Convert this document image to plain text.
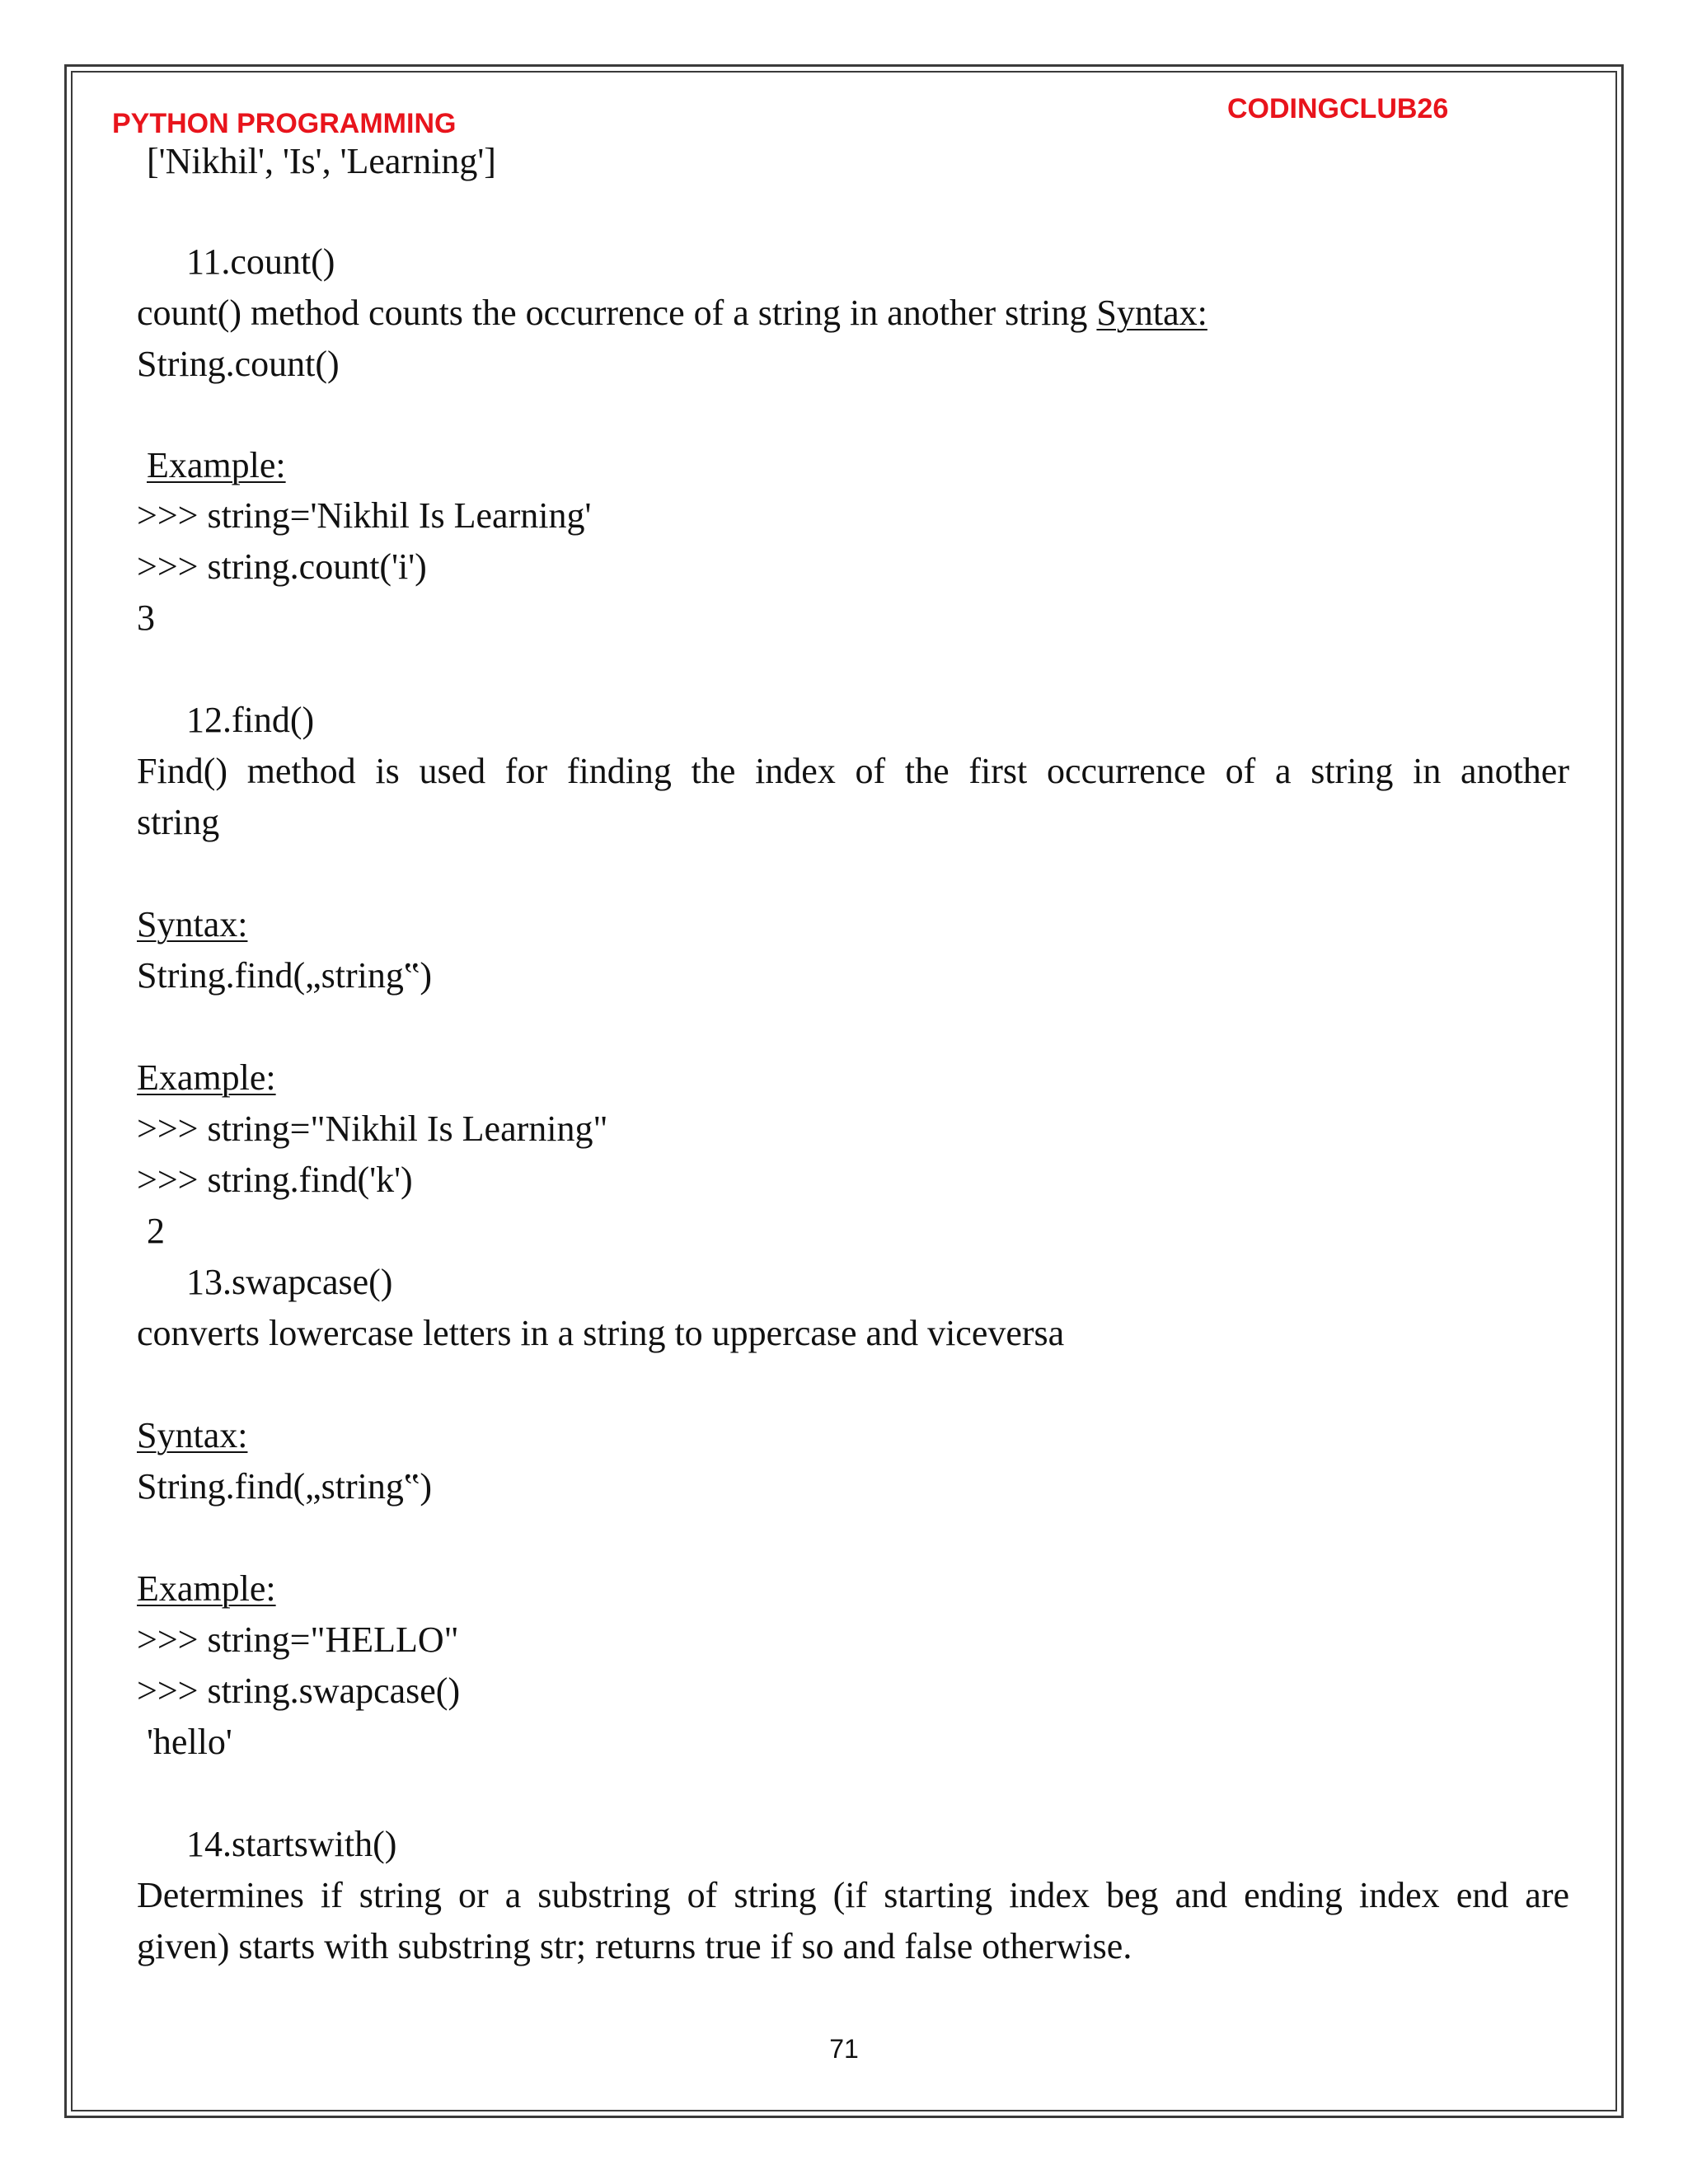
PYTHON PROGRAMMING	CODINGCLUB26
['Nikhil', 'Is', 'Learning']
11.count()
count() method counts the occurrence of a string in another string Syntax:
String.count()
Example:
>>> string='Nikhil Is Learning'
>>> string.count('i')
3
12.find()
Find() method is used for finding the index of the first occurrence of a string in another
string
Syntax:
String.find(„string‟)
Example:
>>> string="Nikhil Is Learning"
>>> string.find('k')
2
13.swapcase()
converts lowercase letters in a string to uppercase and viceversa
Syntax:
String.find(„string‟)
Example:
>>> string="HELLO"
>>> string.swapcase()
'hello'
14.startswith()
Determines if string or a substring of string (if starting index beg and ending index end are
given) starts with substring str; returns true if so and false otherwise.
71
